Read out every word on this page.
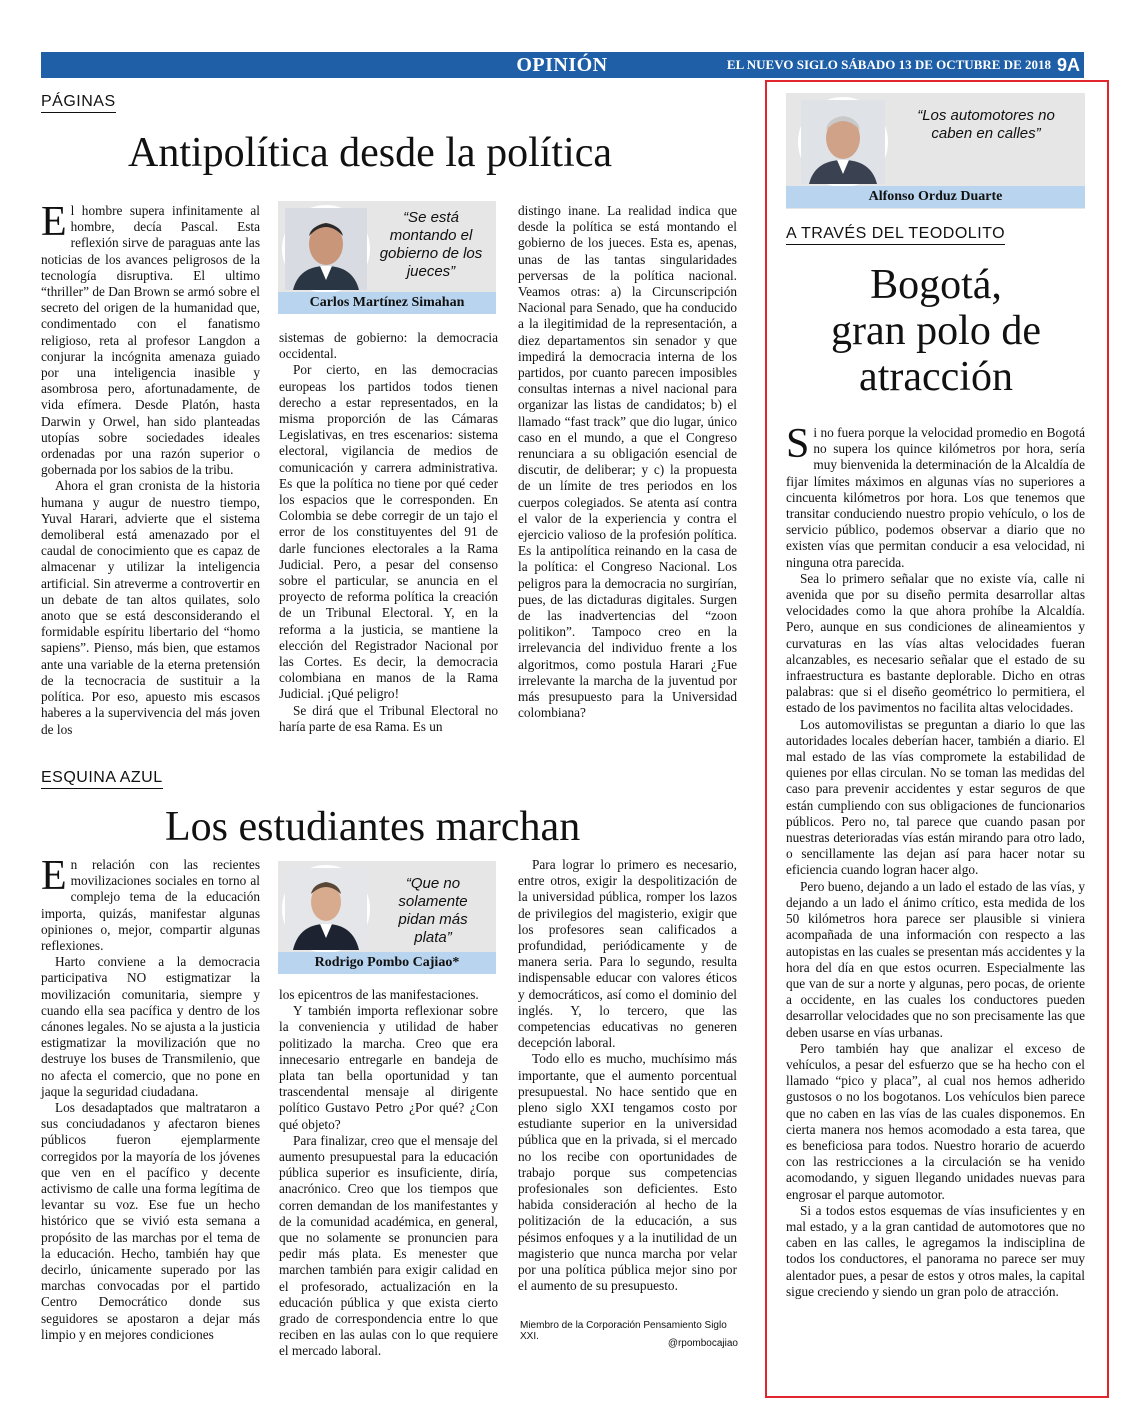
OPINIÓN	EL NUEVO SIGLO SÁBADO 13 DE OCTUBRE DE 2018 9A
PÁGINAS
Antipolítica desde la política

El hombre supera infinitamente al hombre, decía Pascal. Esta reflexión sirve de paraguas ante las noticias de los avances peligrosos de la tecnología disruptiva. El ultimo “thriller” de Dan Brown se armó sobre el secreto del origen de la humanidad que, condimentado con el fanatismo religioso, reta al profesor Langdon a conjurar la incógnita amenaza guiado por una inteligencia inasible y asombrosa pero, afortunadamente, de vida efímera. Desde Platón, hasta Darwin y Orwel, han sido planteadas utopías sobre sociedades ideales ordenadas por una razón superior o gobernada por los sabios de la tribu.

Ahora el gran cronista de la historia humana y augur de nuestro tiempo, Yuval Harari, advierte que el sistema demoliberal está amenazado por el caudal de conocimiento que es capaz de almacenar y utilizar la inteligencia artificial. Sin atreverme a controvertir en un debate de tan altos quilates, solo anoto que se está desconsiderando el formidable espíritu libertario del “homo sapiens”. Pienso, más bien, que estamos ante una variable de la eterna pretensión de la tecnocracia de sustituir a la política. Por eso, apuesto mis escasos haberes a la supervivencia del más joven de los

“Se está montando el gobierno de los jueces”
Carlos Martínez Simahan

sistemas de gobierno: la democracia occidental.

Por cierto, en las democracias europeas los partidos todos tienen derecho a estar representados, en la misma proporción de las Cámaras Legislativas, en tres escenarios: sistema electoral, vigilancia de medios de comunicación y carrera administrativa. Es que la política no tiene por qué ceder los espacios que le corresponden. En Colombia se debe corregir de un tajo el error de los constituyentes del 91 de darle funciones electorales a la Rama Judicial. Pero, a pesar del consenso sobre el particular, se anuncia en el proyecto de reforma política la creación de un Tribunal Electoral. Y, en la reforma a la justicia, se mantiene la elección del Registrador Nacional por las Cortes. Es decir, la democracia colombiana en manos de la Rama Judicial. ¡Qué peligro!

Se dirá que el Tribunal Electoral no haría parte de esa Rama. Es un

distingo inane. La realidad indica que desde la política se está montando el gobierno de los jueces. Esta es, apenas, unas de las tantas singularidades perversas de la política nacional. Veamos otras: a) la Circunscripción Nacional para Senado, que ha conducido a la ilegitimidad de la representación, a diez departamentos sin senador y que impedirá la democracia interna de los partidos, por cuanto parecen imposibles consultas internas a nivel nacional para organizar las listas de candidatos; b) el llamado “fast track” que dio lugar, único caso en el mundo, a que el Congreso renunciara a su obligación esencial de discutir, de deliberar; y c) la propuesta de un límite de tres periodos en los cuerpos colegiados. Se atenta así contra el valor de la experiencia y contra el ejercicio valioso de la profesión política. Es la antipolítica reinando en la casa de la política: el Congreso Nacional. Los peligros para la democracia no surgirían, pues, de las dictaduras digitales. Surgen de las inadvertencias del “zoon politikon”. Tampoco creo en la irrelevancia del individuo frente a los algoritmos, como postula Harari ¿Fue irrelevante la marcha de la juventud por más presupuesto para la Universidad colombiana?

ESQUINA AZUL
Los estudiantes marchan

En relación con las recientes movilizaciones sociales en torno al complejo tema de la educación importa, quizás, manifestar algunas opiniones o, mejor, compartir algunas reflexiones.

Harto conviene a la democracia participativa NO estigmatizar la movilización comunitaria, siempre y cuando ella sea pacífica y dentro de los cánones legales. No se ajusta a la justicia estigmatizar la movilización que no destruye los buses de Transmilenio, que no afecta el comercio, que no pone en jaque la seguridad ciudadana.

Los desadaptados que maltrataron a sus conciudadanos y afectaron bienes públicos fueron ejemplarmente corregidos por la mayoría de los jóvenes que ven en el pacífico y decente activismo de calle una forma legítima de levantar su voz. Ese fue un hecho histórico que se vivió esta semana a propósito de las marchas por el tema de la educación. Hecho, también hay que decirlo, únicamente superado por las marchas convocadas por el partido Centro Democrático donde sus seguidores se apostaron a dejar más limpio y en mejores condiciones

“Que no solamente pidan más plata”
Rodrigo Pombo Cajiao*

los epicentros de las manifestaciones.

Y también importa reflexionar sobre la conveniencia y utilidad de haber politizado la marcha. Creo que era innecesario entregarle en bandeja de plata tan bella oportunidad y tan trascendental mensaje al dirigente político Gustavo Petro ¿Por qué? ¿Con qué objeto?

Para finalizar, creo que el mensaje del aumento presupuestal para la educación pública superior es insuficiente, diría, anacrónico. Creo que los tiempos que corren demandan de los manifestantes y de la comunidad académica, en general, que no solamente se pronuncien para pedir más plata. Es menester que marchen también para exigir calidad en el profesorado, actualización en la educación pública y que exista cierto grado de correspondencia entre lo que reciben en las aulas con lo que requiere el mercado laboral.

Para lograr lo primero es necesario, entre otros, exigir la despolitización de la universidad pública, romper los lazos de privilegios del magisterio, exigir que los profesores sean calificados a profundidad, periódicamente y de manera seria. Para lo segundo, resulta indispensable educar con valores éticos y democráticos, así como el dominio del inglés. Y, lo tercero, que las competencias educativas no generen decepción laboral.

Todo ello es mucho, muchísimo más importante, que el aumento porcentual presupuestal. No hace sentido que en pleno siglo XXI tengamos costo por estudiante superior en la universidad pública que en la privada, si el mercado no los recibe con oportunidades de trabajo porque sus competencias profesionales son deficientes. Esto habida consideración al hecho de la politización de la educación, a sus pésimos enfoques y a la inutilidad de un magisterio que nunca marcha por velar por una política pública mejor sino por el aumento de su presupuesto.

Miembro de la Corporación Pensamiento Siglo XXI.
@rpombocajiao
“Los automotores no caben en calles”
Alfonso Orduz Duarte
A TRAVÉS DEL TEODOLITO
Bogotá,
gran polo de
atracción

Si no fuera porque la velocidad promedio en Bogotá no supera los quince kilómetros por hora, sería muy bienvenida la determinación de la Alcaldía de fijar límites máximos en algunas vías no superiores a cincuenta kilómetros por hora. Los que tenemos que transitar conduciendo nuestro propio vehículo, o los de servicio público, podemos observar a diario que no existen vías que permitan conducir a esa velocidad, ni ninguna otra parecida.

Sea lo primero señalar que no existe vía, calle ni avenida que por su diseño permita desarrollar altas velocidades como la que ahora prohíbe la Alcaldía. Pero, aunque en sus condiciones de alineamientos y curvaturas en las vías altas velocidades fueran alcanzables, es necesario señalar que el estado de su infraestructura es bastante deplorable. Dicho en otras palabras: que si el diseño geométrico lo permitiera, el estado de los pavimentos no facilita altas velocidades.

Los automovilistas se preguntan a diario lo que las autoridades locales deberían hacer, también a diario. El mal estado de las vías compromete la estabilidad de quienes por ellas circulan. No se toman las medidas del caso para prevenir accidentes y estar seguros de que están cumpliendo con sus obligaciones de funcionarios públicos. Pero no, tal parece que cuando pasan por nuestras deterioradas vías están mirando para otro lado, o sencillamente las dejan así para hacer notar su eficiencia cuando logran hacer algo.

Pero bueno, dejando a un lado el estado de las vías, y dejando a un lado el ánimo crítico, esta medida de los 50 kilómetros hora parece ser plausible si viniera acompañada de una información con respecto a las autopistas en las cuales se presentan más accidentes y la hora del día en que estos ocurren. Especialmente las que van de sur a norte y algunas, pero pocas, de oriente a occidente, en las cuales los conductores pueden desarrollar velocidades que no son precisamente las que deben usarse en vías urbanas.

Pero también hay que analizar el exceso de vehículos, a pesar del esfuerzo que se ha hecho con el llamado “pico y placa”, al cual nos hemos adherido gustosos o no los bogotanos. Los vehículos bien parece que no caben en las vías de las cuales disponemos. En cierta manera nos hemos acomodado a esta tarea, que es beneficiosa para todos. Nuestro horario de acuerdo con las restricciones a la circulación se ha venido acomodando, y siguen llegando unidades nuevas para engrosar el parque automotor.

Si a todos estos esquemas de vías insuficientes y en mal estado, y a la gran cantidad de automotores que no caben en las calles, le agregamos la indisciplina de todos los conductores, el panorama no parece ser muy alentador pues, a pesar de estos y otros males, la capital sigue creciendo y siendo un gran polo de atracción.
